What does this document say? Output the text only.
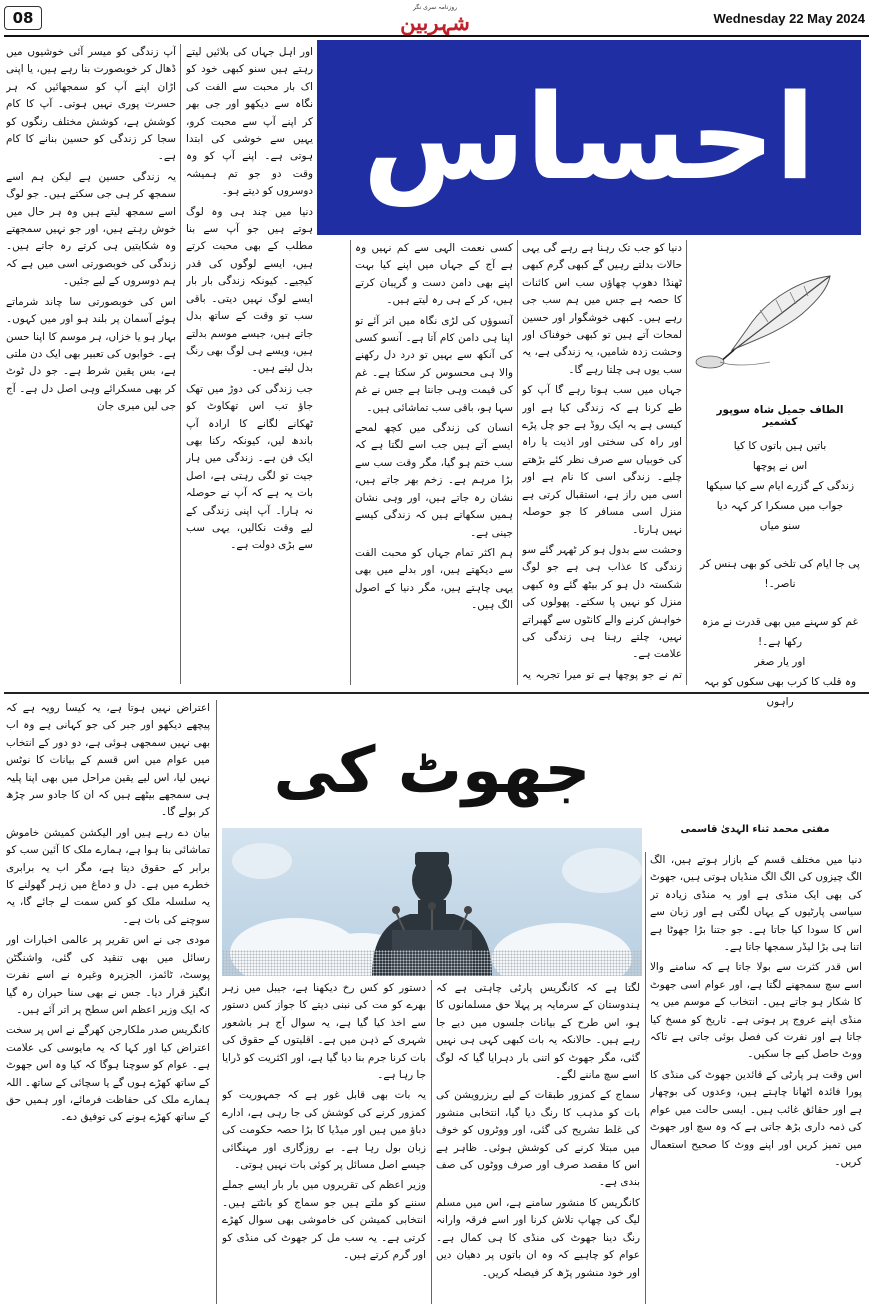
08
روزنامہ سری نگر
شہربین	Wednesday 22 May 2024
احساس
الطاف جمیل شاہ سوپور کشمیر
باتیں ہیں باتوں کا کیا
اس نے پوچھا
زندگی کے گزرے ایام سے کیا سیکھا
جواب میں مسکرا کر کہہ دیا
سنو میاں
پی جا ایام کی تلخی کو بھی ہنس کر ناصر۔!
غم کو سہنے میں بھی قدرت نے مزہ رکھا ہے۔!
اور یار صغر
وہ قلب کا کرب بھی سکوں کو بہہ راہوں

دنیا کو جب تک رہنا ہے رہے گی یہی حالات بدلتے رہیں گے کبھی گرم کبھی ٹھنڈا دھوپ چھاؤں سب اس کائنات کا حصہ ہے جس میں ہم سب جی رہے ہیں۔ کبھی خوشگوار اور حسین لمحات آتے ہیں تو کبھی خوفناک اور وحشت زدہ شامیں، یہ زندگی ہے، یہ سب یوں ہی چلتا رہے گا۔

جہاں میں سب ہوتا رہے گا آپ کو طے کرنا ہے کہ زندگی کیا ہے اور کیسی ہے یہ ایک روڈ ہے جو چل پڑے اور راہ کی سختی اور اذیت یا راہ کی خوبیاں سے صرف نظر کئے بڑھتے چلیے۔ زندگی اسی کا نام ہے اور اسی میں راز ہے، استقبال کرتی ہے منزل اسی مسافر کا جو حوصلہ نہیں ہارتا۔

وحشت سے بدول ہو کر ٹھہر گئے سو زندگی کا عذاب ہی ہے جو لوگ شکستہ دل ہو کر بیٹھ گئے وہ کبھی منزل کو نہیں پا سکتے۔ پھولوں کی خواہش کرنے والے کانٹوں سے گھبراتے نہیں، چلتے رہنا ہی زندگی کی علامت ہے۔

تم نے جو پوچھا ہے تو میرا تجربہ یہ

کسی نعمت الہی سے کم نہیں وہ ہے آج کے جہاں میں اپنے کیا بہت اپنے بھی دامن دست و گریبان کرتے ہیں، کر کے ہی رہ لیتے ہیں۔

آنسوؤں کی لڑی نگاہ میں اتر آئے تو اپنا ہی دامن کام آتا ہے۔ آنسو کسی کی آنکھ سے بہیں تو درد دل رکھنے والا ہی محسوس کر سکتا ہے۔ غم کی قیمت وہی جانتا ہے جس نے غم سہا ہو، باقی سب تماشائی ہیں۔

انسان کی زندگی میں کچھ لمحے ایسے آتے ہیں جب اسے لگتا ہے کہ سب ختم ہو گیا، مگر وقت سب سے بڑا مرہم ہے۔ زخم بھر جاتے ہیں، نشان رہ جاتے ہیں، اور وہی نشان ہمیں سکھاتے ہیں کہ زندگی کیسے جینی ہے۔

ہم اکثر تمام جہاں کو محبت الفت سے دیکھتے ہیں، اور بدلے میں بھی یہی چاہتے ہیں، مگر دنیا کے اصول الگ ہیں۔

اور اہل جہاں کی بلائیں لیتے رہتے ہیں سنو کبھی خود کو اک بار محبت سے الفت کی نگاہ سے دیکھو اور جی بھر کر اپنے آپ سے محبت کرو، یہیں سے خوشی کی ابتدا ہوتی ہے۔ اپنے آپ کو وہ وقت دو جو تم ہمیشہ دوسروں کو دیتے ہو۔

دنیا میں چند ہی وہ لوگ ہوتے ہیں جو آپ سے بنا مطلب کے بھی محبت کرتے ہیں، ایسے لوگوں کی قدر کیجیے۔ کیونکہ زندگی بار بار ایسے لوگ نہیں دیتی۔ باقی سب تو وقت کے ساتھ بدل جاتے ہیں، جیسے موسم بدلتے ہیں، ویسے ہی لوگ بھی رنگ بدل لیتے ہیں۔

جب زندگی کی دوڑ میں تھک جاؤ تب اس تھکاوٹ کو ٹھکانے لگانے کا ارادہ آپ باندھ لیں، کیونکہ رکنا بھی ایک فن ہے۔ زندگی میں ہار جیت تو لگی رہتی ہے، اصل بات یہ ہے کہ آپ نے حوصلہ نہ ہارا۔ آپ اپنی زندگی کے لیے وقت نکالیں، یہی سب سے بڑی دولت ہے۔

آپ زندگی کو میسر آئی خوشیوں میں ڈھال کر خوبصورت بنا رہے ہیں، یا اپنی اڑان اپنے آپ کو سمجھائیں کہ ہر حسرت پوری نہیں ہوتی۔ آپ کا کام کوشش ہے، کوشش مختلف رنگوں کو سجا کر زندگی کو حسین بنانے کا کام ہے۔

یہ زندگی حسین ہے لیکن ہم اسے سمجھ کر ہی جی سکتے ہیں۔ جو لوگ اسے سمجھ لیتے ہیں وہ ہر حال میں خوش رہتے ہیں، اور جو نہیں سمجھتے وہ شکایتیں ہی کرتے رہ جاتے ہیں۔ زندگی کی خوبصورتی اسی میں ہے کہ ہم دوسروں کے لیے جئیں۔

اس کی خوبصورتی سا چاند شرماتے ہوئے آسمان پر بلند ہو اور میں کہوں۔ بہار ہو یا خزاں، ہر موسم کا اپنا حسن ہے۔ خوابوں کی تعبیر بھی ایک دن ملتی ہے، بس یقین شرط ہے۔ جو دل ٹوٹ کر بھی مسکرائے وہی اصل دل ہے۔ آج جی لیں میری جان

جھوٹ کی
مفتی محمد ثناء الہدیٰ قاسمی

دنیا میں مختلف قسم کے بازار ہوتے ہیں، الگ الگ چیزوں کی الگ الگ منڈیاں ہوتی ہیں، جھوٹ کی بھی ایک منڈی ہے اور یہ منڈی زیادہ تر سیاسی پارٹیوں کے یہاں لگتی ہے اور زبان سے اس کا سودا کیا جاتا ہے۔ جو جتنا بڑا جھوٹا ہے اتنا ہی بڑا لیڈر سمجھا جاتا ہے۔

اس قدر کثرت سے بولا جاتا ہے کہ سامنے والا اسے سچ سمجھنے لگتا ہے، اور عوام اسی جھوٹ کا شکار ہو جاتے ہیں۔ انتخاب کے موسم میں یہ منڈی اپنے عروج پر ہوتی ہے۔ تاریخ کو مسخ کیا جاتا ہے اور نفرت کی فصل بوئی جاتی ہے تاکہ ووٹ حاصل کیے جا سکیں۔

اس وقت ہر پارٹی کے قائدین جھوٹ کی منڈی کا پورا فائدہ اٹھانا چاہتے ہیں، وعدوں کی بوچھار ہے اور حقائق غائب ہیں۔ ایسی حالت میں عوام کی ذمہ داری بڑھ جاتی ہے کہ وہ سچ اور جھوٹ میں تمیز کریں اور اپنے ووٹ کا صحیح استعمال کریں۔

لگتا ہے کہ کانگریس پارٹی چاہتی ہے کہ ہندوستان کے سرمایہ پر پہلا حق مسلمانوں کا ہو، اس طرح کے بیانات جلسوں میں دیے جا رہے ہیں۔ حالانکہ یہ بات کبھی کہی ہی نہیں گئی، مگر جھوٹ کو اتنی بار دہرایا گیا کہ لوگ اسے سچ ماننے لگے۔

سماج کے کمزور طبقات کے لیے ریزرویشن کی بات کو مذہب کا رنگ دیا گیا، انتخابی منشور کی غلط تشریح کی گئی، اور ووٹروں کو خوف میں مبتلا کرنے کی کوشش ہوئی۔ ظاہر ہے اس کا مقصد صرف اور صرف ووٹوں کی صف بندی ہے۔

کانگریس کا منشور سامنے ہے، اس میں مسلم لیگ کی چھاپ تلاش کرنا اور اسے فرقہ وارانہ رنگ دینا جھوٹ کی منڈی کا ہی کمال ہے۔ عوام کو چاہیے کہ وہ ان باتوں پر دھیان دیں اور خود منشور پڑھ کر فیصلہ کریں۔

دستور کو کس رخ دیکھنا ہے، جیبل میں زہر بھرے کو مت کی نبنی دیتے کا جواز کس دستور سے اخذ کیا گیا ہے، یہ سوال آج ہر باشعور شہری کے ذہن میں ہے۔ اقلیتوں کے حقوق کی بات کرنا جرم بنا دیا گیا ہے، اور اکثریت کو ڈرایا جا رہا ہے۔

یہ بات بھی قابل غور ہے کہ جمہوریت کو کمزور کرنے کی کوشش کی جا رہی ہے، ادارے دباؤ میں ہیں اور میڈیا کا بڑا حصہ حکومت کی زبان بول رہا ہے۔ بے روزگاری اور مہنگائی جیسے اصل مسائل پر کوئی بات نہیں ہوتی۔

وزیر اعظم کی تقریروں میں بار بار ایسے جملے سننے کو ملتے ہیں جو سماج کو بانٹتے ہیں۔ انتخابی کمیشن کی خاموشی بھی سوال کھڑے کرتی ہے۔ یہ سب مل کر جھوٹ کی منڈی کو اور گرم کرتے ہیں۔

اعتراض نہیں ہوتا ہے، یہ کیسا رویہ ہے کہ پیچھے دیکھو اور جبر کی جو کہانی ہے وہ اب بھی نہیں سمجھی ہوئی ہے، دو دور کے انتخاب میں عوام میں اس قسم کے بیانات کا نوٹس نہیں لیا، اس لیے یقین مراحل میں بھی اپنا پلیہ ہی سمجھے بیٹھے ہیں کہ ان کا جادو سر چڑھ کر بولے گا۔

بیان دے رہے ہیں اور الیکشن کمیشن خاموش تماشائی بنا ہوا ہے، ہمارے ملک کا آئین سب کو برابر کے حقوق دیتا ہے، مگر اب یہ برابری خطرے میں ہے۔ دل و دماغ میں زہر گھولنے کا یہ سلسلہ ملک کو کس سمت لے جائے گا، یہ سوچنے کی بات ہے۔

مودی جی نے اس تقریر پر عالمی اخبارات اور رسائل میں بھی تنقید کی گئی، واشنگٹن پوسٹ، ٹائمز، الجزیرہ وغیرہ نے اسے نفرت انگیز قرار دیا۔ جس نے بھی سنا حیران رہ گیا کہ ایک وزیر اعظم اس سطح پر اتر آئے ہیں۔

کانگریس صدر ملکارجن کھرگے نے اس پر سخت اعتراض کیا اور کہا کہ یہ مایوسی کی علامت ہے۔ عوام کو سوچنا ہوگا کہ کیا وہ اس جھوٹ کے ساتھ کھڑے ہوں گے یا سچائی کے ساتھ۔ اللہ ہمارے ملک کی حفاظت فرمائے، اور ہمیں حق کے ساتھ کھڑے ہونے کی توفیق دے۔
